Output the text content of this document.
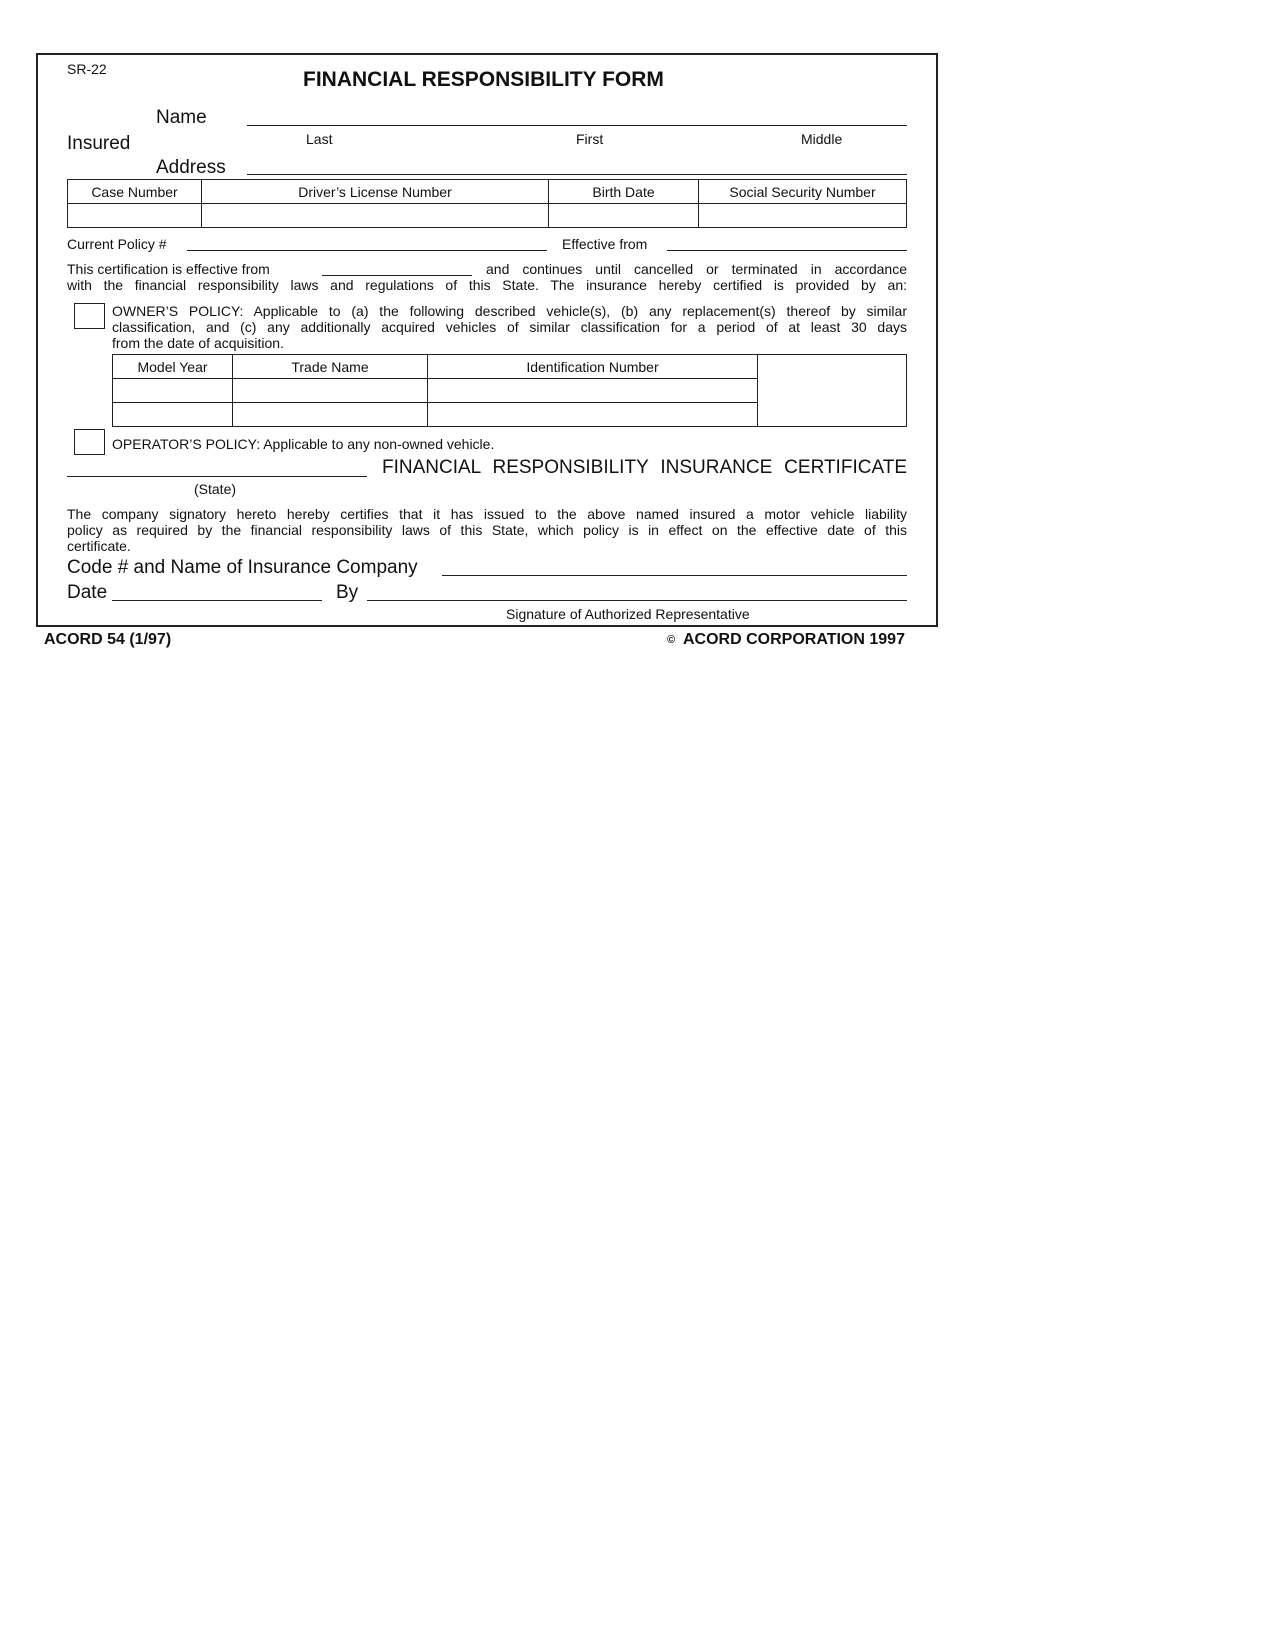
SR-22	FINANCIAL RESPONSIBILITY FORM
Name
Insured	Last	First	Middle
Address
Case Number	Driver’s License Number	Birth Date	Social Security Number

Current Policy #	Effective from
This certification is effective from	and continues until cancelled or terminated in accordance
with the financial responsibility laws and regulations of this State. The insurance hereby certified is provided by an:
OWNER’S POLICY: Applicable to (a) the following described vehicle(s), (b) any replacement(s) thereof by similar
classification, and (c) any additionally acquired vehicles of similar classification for a period of at least 30 days
from the date of acquisition.
Model Year	Trade Name	Identification Number	

OPERATOR’S POLICY: Applicable to any non-owned vehicle.
(State)
FINANCIAL RESPONSIBILITY INSURANCE CERTIFICATE
The company signatory hereto hereby certifies that it has issued to the above named insured a motor vehicle liability
policy as required by the financial responsibility laws of this State, which policy is in effect on the effective date of this
certificate.
Code # and Name of Insurance Company
Date	By
Signature of Authorized Representative
ACORD 54 (1/97)	© ACORD CORPORATION 1997
